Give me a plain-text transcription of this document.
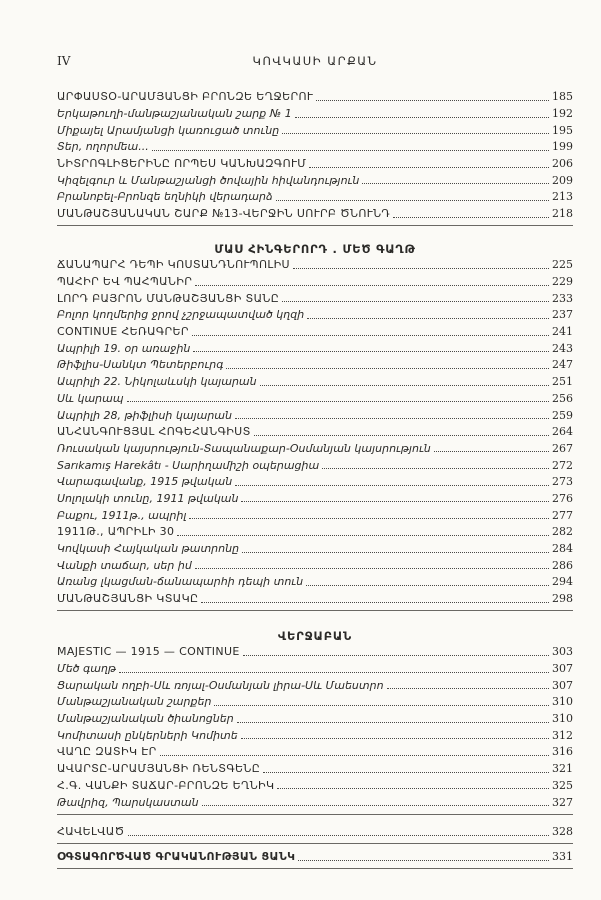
IV	ԿՈՎԿԱՍԻ ԱՐՔԱՆ
ԱՐՓԱՍՏՕ-ԱՐԱՄՅԱՆՑԻ ԲՐՈՆԶԵ ԵՂՋԵՐՈՒ	185
Երկաթուղի-մանթաշյանական շարք № 1	192
Միքայել Արամյանցի կառուցած տունը	195
Տեր, ողորմեա...	199
ՆԻՏՐՈԳԼԻՑԵՐԻՆԸ ՈՐՊԵՍ ԿԱՆԽԱԶԳՈՒՄ	206
Կիզելգուր և Մանթաշյանցի ծովային հիվանդություն	209
Բրանոբել-Բրոնզե եղնիկի վերադարձ	213
ՄԱՆԹԱՇՅԱՆԱԿԱՆ ՇԱՐՔ №13-ՎԵՐՋԻՆ ՍՈՒՐԲ ԾՆՈՒՆԴ	218
ՄԱՍ ՀԻՆԳԵՐՈՐԴ . ՄԵԾ ԳԱՂԹ
ՃԱՆԱՊԱՐՀ ԴԵՊԻ ԿՈՍՏԱՆԴՆՈՒՊՈԼԻՍ	225
ՊԱՀԻՐ ԵՎ ՊԱՀՊԱՆԻՐ	229
ԼՈՐԴ ԲԱՅՐՈՆ ՄԱՆԹԱՇՅԱՆՑԻ ՏԱՆԸ	233
Բոլոր կողմերից ջրով չշրջապատված կղզի	237
CONTINUE ՀԵՌԱԳՐԵՐ	241
Ապրիլի 19. օր առաջին	243
Թիֆլիս-Սանկտ Պետերբուրգ	247
Ապրիլի 22. Նիկոլաևսկի կայարան	251
Սև կարապ	256
Ապրիլի 28, թիֆլիսի կայարան	259
ԱՆՀԱՆԳՈՒՑՅԱԼ ՀՈԳԵՀԱՆԳԻՍՏ	264
Ռուսական կայսրություն-Տապանաքար-Օսմանյան կայսրություն	267
Sarıkamış Harekâtı - Սարիղամիշի օպերացիա	272
Վարագավանք, 1915 թվական	273
Սոլոլակի տունը, 1911 թվական	276
Բաքու, 1911թ., ապրիլ	277
1911Թ., ԱՊՐԻԼԻ 30	282
Կովկասի Հայկական թատրոնը	284
Վանքի տաճար, սեր իմ	286
Առանց լկացման-ճանապարհի դեպի տուն	294
ՄԱՆԹԱՇՅԱՆՑԻ ԿՏԱԿԸ	298
ՎԵՐՋԱԲԱՆ
MAJESTIC — 1915 — CONTINUE	303
Մեծ գաղթ	307
Ցարական ողբի-Սև ռոյալ-Օսմանյան լիրա-Սև Մաեստրո	307
Մանթաշյանական շարքեր	310
Մանթաշյանական ծիանոցներ	310
Կոմիտասի ընկերների Կոմիտե	312
ՎԱՂԸ ԶԱՏԻԿ ԷՐ	316
ԱՎԱՐՏԸ-ԱՐԱՄՅԱՆՑԻ ՌԵՆՏԳԵՆԸ	321
Հ.Գ. ՎԱՆՔԻ ՏԱՃԱՐ-ԲՐՈՆԶԵ ԵՂՆԻԿ	325
Թավրիզ, Պարսկաստան	327
ՀԱՎԵԼՎԱԾ	328
ՕԳՏԱԳՈՐԾՎԱԾ ԳՐԱԿԱՆՈՒԹՅԱՆ ՑԱՆԿ	331
